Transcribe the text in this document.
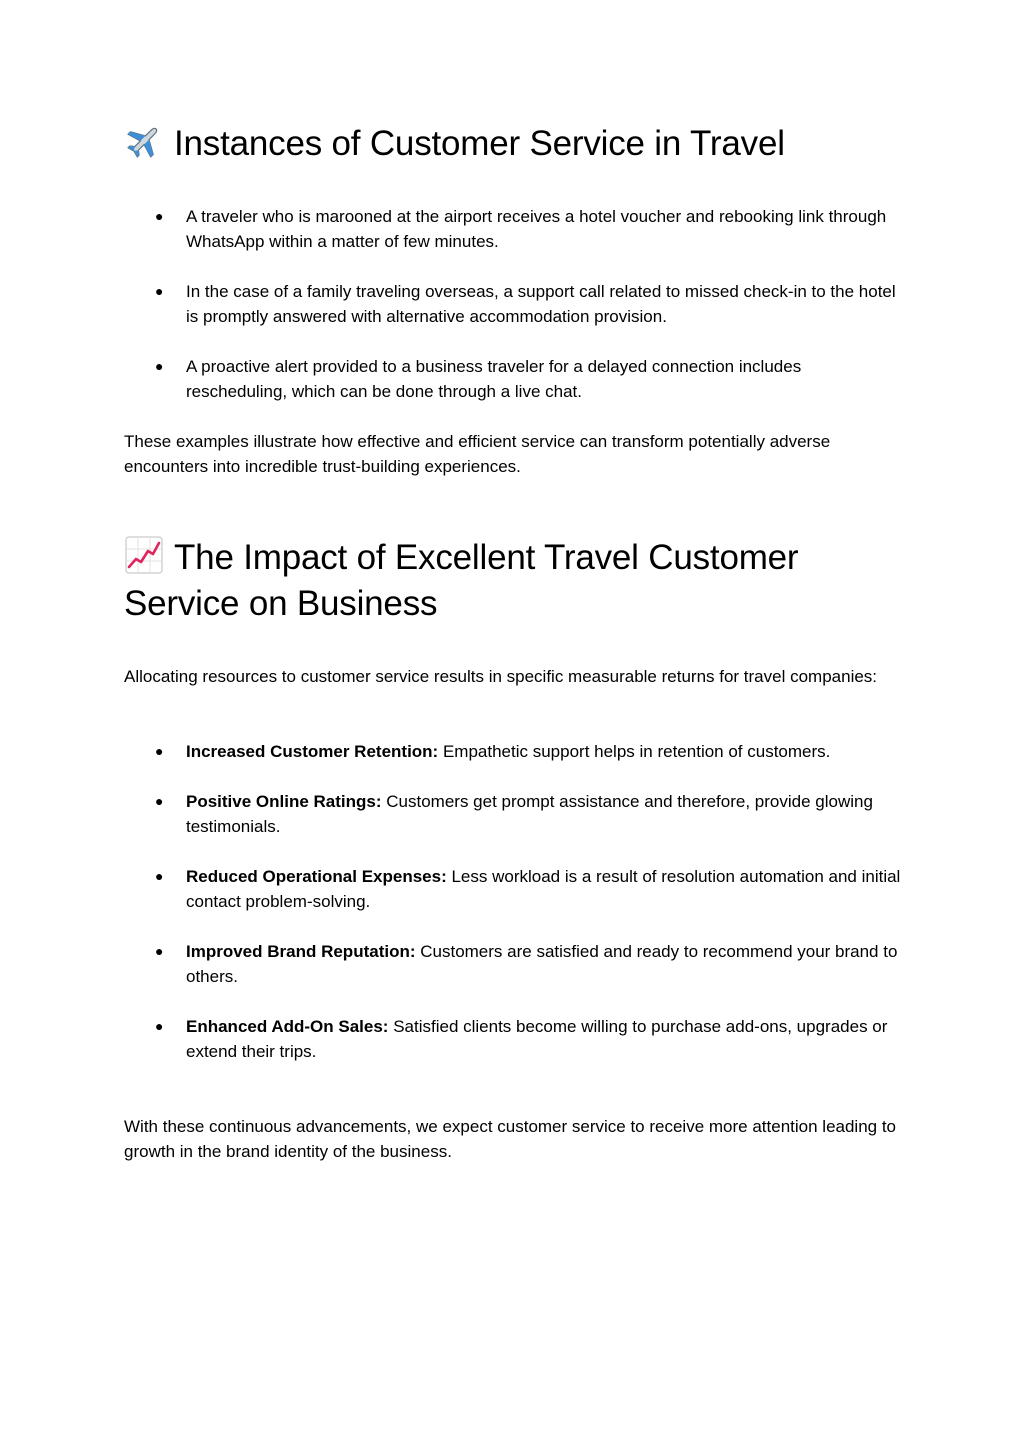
Instances of Customer Service in Travel
● A traveler who is marooned at the airport receives a hotel voucher and rebooking link through WhatsApp within a matter of few minutes.
● In the case of a family traveling overseas, a support call related to missed check-in to the hotel is promptly answered with alternative accommodation provision.
● A proactive alert provided to a business traveler for a delayed connection includes rescheduling, which can be done through a live chat.

These examples illustrate how effective and efficient service can transform potentially adverse encounters into incredible trust-building experiences.

The Impact of Excellent Travel Customer Service on Business

Allocating resources to customer service results in specific measurable returns for travel companies:

● Increased Customer Retention: Empathetic support helps in retention of customers.
● Positive Online Ratings: Customers get prompt assistance and therefore, provide glowing testimonials.
● Reduced Operational Expenses: Less workload is a result of resolution automation and initial contact problem-solving.
● Improved Brand Reputation: Customers are satisfied and ready to recommend your brand to others.
● Enhanced Add-On Sales: Satisfied clients become willing to purchase add-ons, upgrades or extend their trips.

With these continuous advancements, we expect customer service to receive more attention leading to growth in the brand identity of the business.
